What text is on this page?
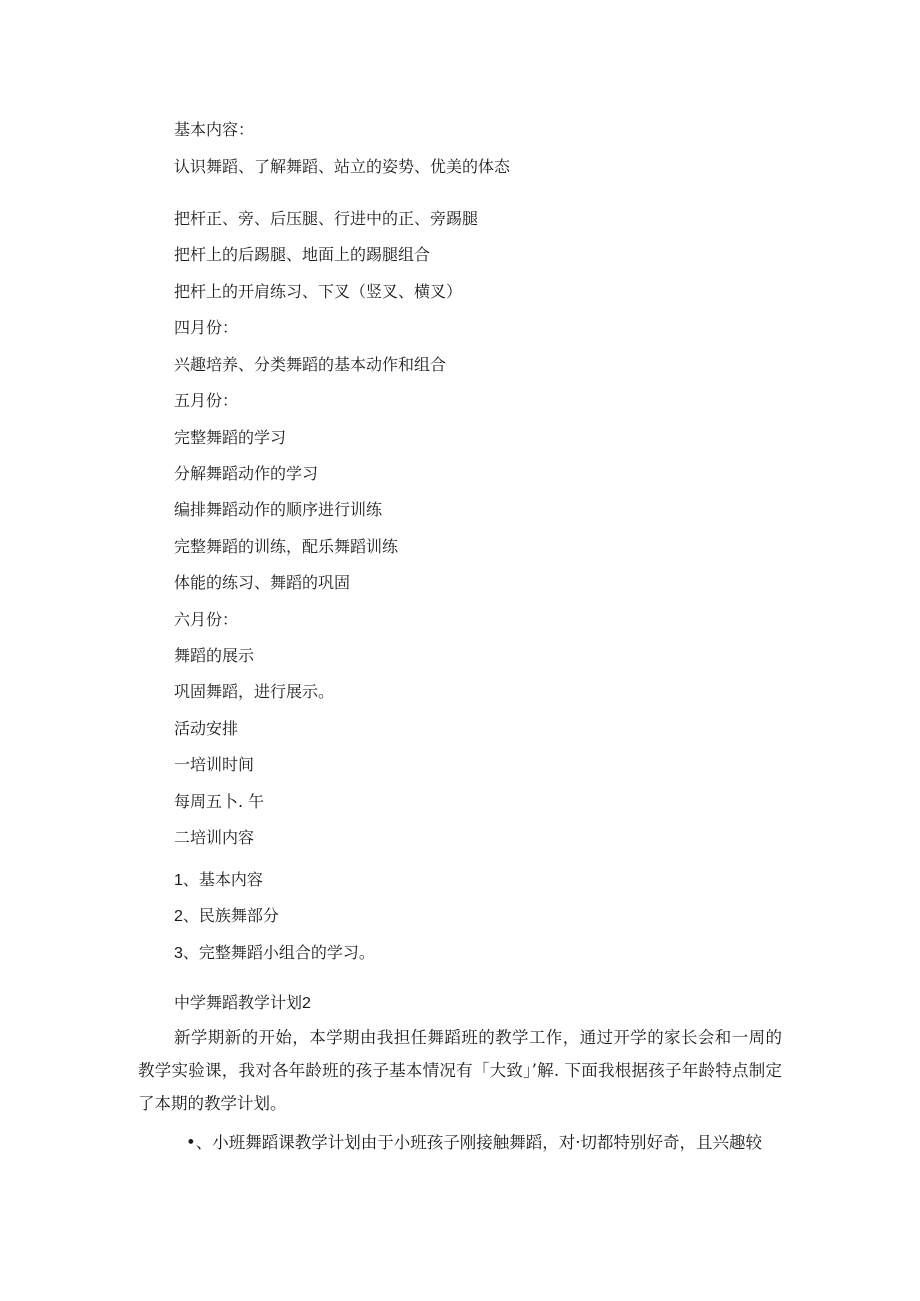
基本内容：
认识舞蹈、了解舞蹈、站立的姿势、优美的体态
把杆正、旁、后压腿、行进中的正、旁踢腿
把杆上的后踢腿、地面上的踢腿组合
把杆上的开肩练习、下叉（竖叉、横叉）
四月份：
兴趣培养、分类舞蹈的基本动作和组合
五月份：
完整舞蹈的学习
分解舞蹈动作的学习
编排舞蹈动作的顺序进行训练
完整舞蹈的训练，配乐舞蹈训练
体能的练习、舞蹈的巩固
六月份：
舞蹈的展示
巩固舞蹈，进行展示。
活动安排
一培训时间
每周五卜. 午
二培训内容
1、基本内容
2、民族舞部分
3、完整舞蹈小组合的学习。
中学舞蹈教学计划2
新学期新的开始，本学期由我担任舞蹈班的教学工作，通过开学的家长会和一周的教学实验课，我对各年龄班的孩子基本情况有「大致」’解. 下面我根据孩子年龄特点制定了本期的教学计划。
•、小班舞蹈课教学计划由于小班孩子刚接触舞蹈，对·切都特别好奇，且兴趣较
